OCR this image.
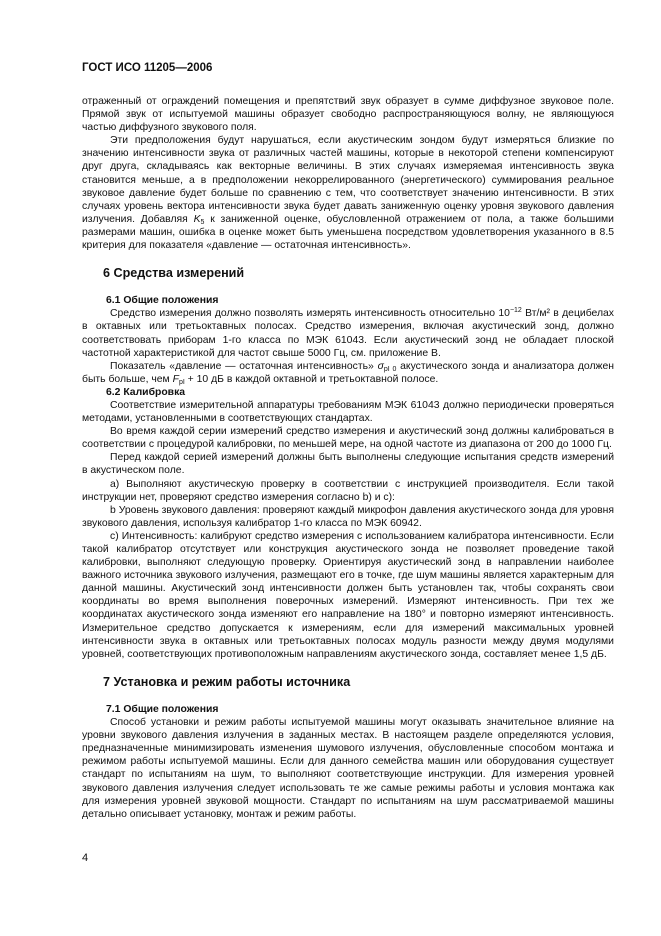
ГОСТ ИСО 11205—2006

отраженный от ограждений помещения и препятствий звук образует в сумме диффузное звуковое поле. Прямой звук от испытуемой машины образует свободно распространяющуюся волну, не являющуюся частью диффузного звукового поля.

Эти предположения будут нарушаться, если акустическим зондом будут измеряться близкие по значению интенсивности звука от различных частей машины, которые в некоторой степени компенсируют друг друга, складываясь как векторные величины. В этих случаях измеряемая интенсивность звука становится меньше, а в предположении некоррелированного (энергетического) суммирования реальное звуковое давление будет больше по сравнению с тем, что соответствует значению интенсивности. В этих случаях уровень вектора интенсивности звука будет давать заниженную оценку уровня звукового давления излучения. Добавляя $K_5$ к заниженной оценке, обусловленной отражением от пола, а также большими размерами машин, ошибка в оценке может быть уменьшена посредством удовлетворения указанного в 8.5 критерия для показателя «давление — остаточная интенсивность».

6 Средства измерений
6.1 Общие положения

Средство измерения должно позволять измерять интенсивность относительно $10^{-12}$ Вт/м² в децибелах в октавных или третьоктавных полосах. Средство измерения, включая акустический зонд, должно соответствовать приборам 1-го класса по МЭК 61043. Если акустический зонд не обладает плоской частотной характеристикой для частот свыше 5000 Гц, см. приложение В.

Показатель «давление — остаточная интенсивность» $\sigma_{pI 0}$ акустического зонда и анализатора должен быть больше, чем $F_{pI} + 10$ дБ в каждой октавной и третьоктавной полосе.

6.2 Калибровка

Соответствие измерительной аппаратуры требованиям МЭК 61043 должно периодически проверяться методами, установленными в соответствующих стандартах.

Во время каждой серии измерений средство измерения и акустический зонд должны калиброваться в соответствии с процедурой калибровки, по меньшей мере, на одной частоте из диапазона от 200 до 1000 Гц.

Перед каждой серией измерений должны быть выполнены следующие испытания средств измерений в акустическом поле.

а) Выполняют акустическую проверку в соответствии с инструкцией производителя. Если такой инструкции нет, проверяют средство измерения согласно b) и c):

b Уровень звукового давления: проверяют каждый микрофон давления акустического зонда для уровня звукового давления, используя калибратор 1-го класса по МЭК 60942.

c) Интенсивность: калибруют средство измерения с использованием калибратора интенсивности. Если такой калибратор отсутствует или конструкция акустического зонда не позволяет проведение такой калибровки, выполняют следующую проверку. Ориентируя акустический зонд в направлении наиболее важного источника звукового излучения, размещают его в точке, где шум машины является характерным для данной машины. Акустический зонд интенсивности должен быть установлен так, чтобы сохранять свои координаты во время выполнения поверочных измерений. Измеряют интенсивность. При тех же координатах акустического зонда изменяют его направление на 180° и повторно измеряют интенсивность. Измерительное средство допускается к измерениям, если для измерений максимальных уровней интенсивности звука в октавных или третьоктавных полосах модуль разности между двумя модулями уровней, соответствующих противоположным направлениям акустического зонда, составляет менее 1,5 дБ.

7 Установка и режим работы источника
7.1 Общие положения

Способ установки и режим работы испытуемой машины могут оказывать значительное влияние на уровни звукового давления излучения в заданных местах. В настоящем разделе определяются условия, предназначенные минимизировать изменения шумового излучения, обусловленные способом монтажа и режимом работы испытуемой машины. Если для данного семейства машин или оборудования существует стандарт по испытаниям на шум, то выполняют соответствующие инструкции. Для измерения уровней звукового давления излучения следует использовать те же самые режимы работы и условия монтажа как для измерения уровней звуковой мощности. Стандарт по испытаниям на шум рассматриваемой машины детально описывает установку, монтаж и режим работы.

4
